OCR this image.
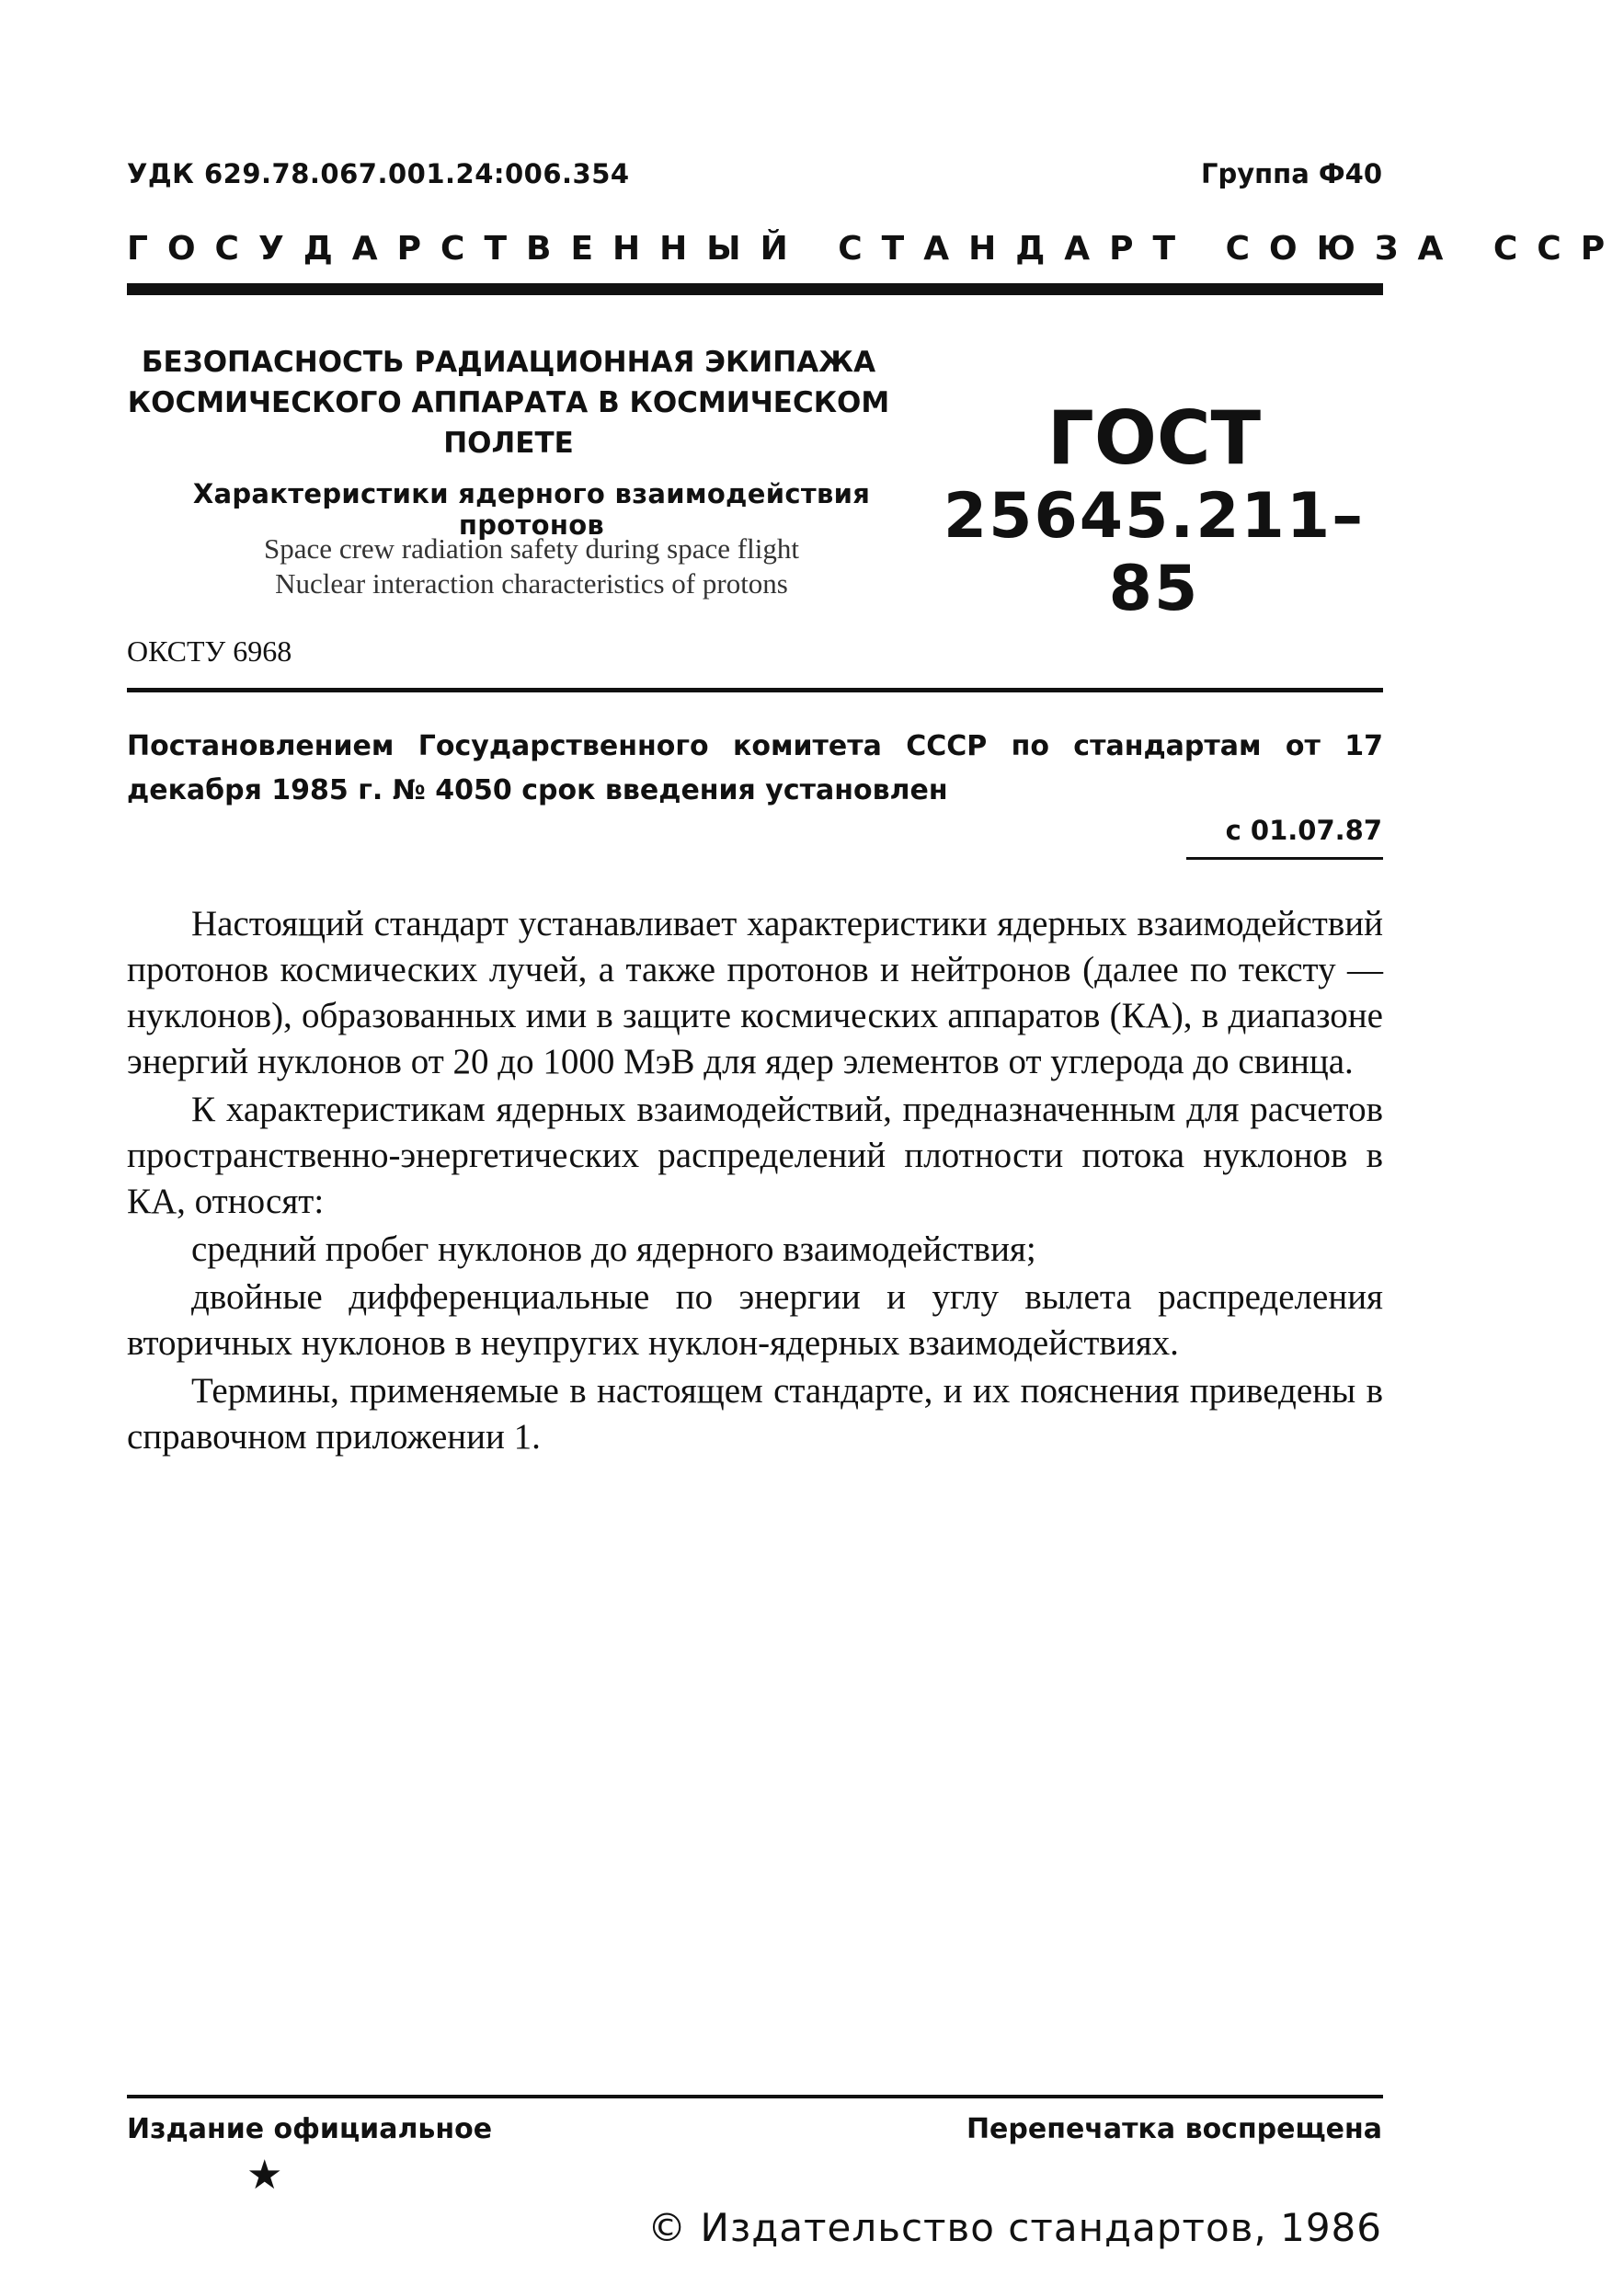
УДК 629.78.067.001.24:006.354	Группа Ф40
ГОСУДАРСТВЕННЫЙ СТАНДАРТ СОЮЗА ССР
БЕЗОПАСНОСТЬ РАДИАЦИОННАЯ ЭКИПАЖА
КОСМИЧЕСКОГО АППАРАТА В КОСМИЧЕСКОМ
ПОЛЕТЕ
Характеристики ядерного взаимодействия протонов
Space crew radiation safety during space flight
Nuclear interaction characteristics of protons
ГОСТ
25645.211–85
ОКСТУ 6968
Постановлением Государственного комитета СССР по стандартам от 17 декабря 1985 г. № 4050 срок введения установлен
с 01.07.87

Настоящий стандарт устанавливает характеристики ядерных взаимодействий протонов космических лучей, а также протонов и нейтронов (далее по тексту — нуклонов), образованных ими в защите космических аппаратов (КА), в диапазоне энергий нуклонов от 20 до 1000 МэВ для ядер элементов от углерода до свинца.

К характеристикам ядерных взаимодействий, предназначенным для расчетов пространственно-энергетических распределений плотности потока нуклонов в КА, относят:

средний пробег нуклонов до ядерного взаимодействия;

двойные дифференциальные по энергии и углу вылета распределения вторичных нуклонов в неупругих нуклон-ядерных взаимодействиях.

Термины, применяемые в настоящем стандарте, и их пояснения приведены в справочном приложении 1.

Издание официальное	Перепечатка воспрещена
★
© Издательство стандартов, 1986
